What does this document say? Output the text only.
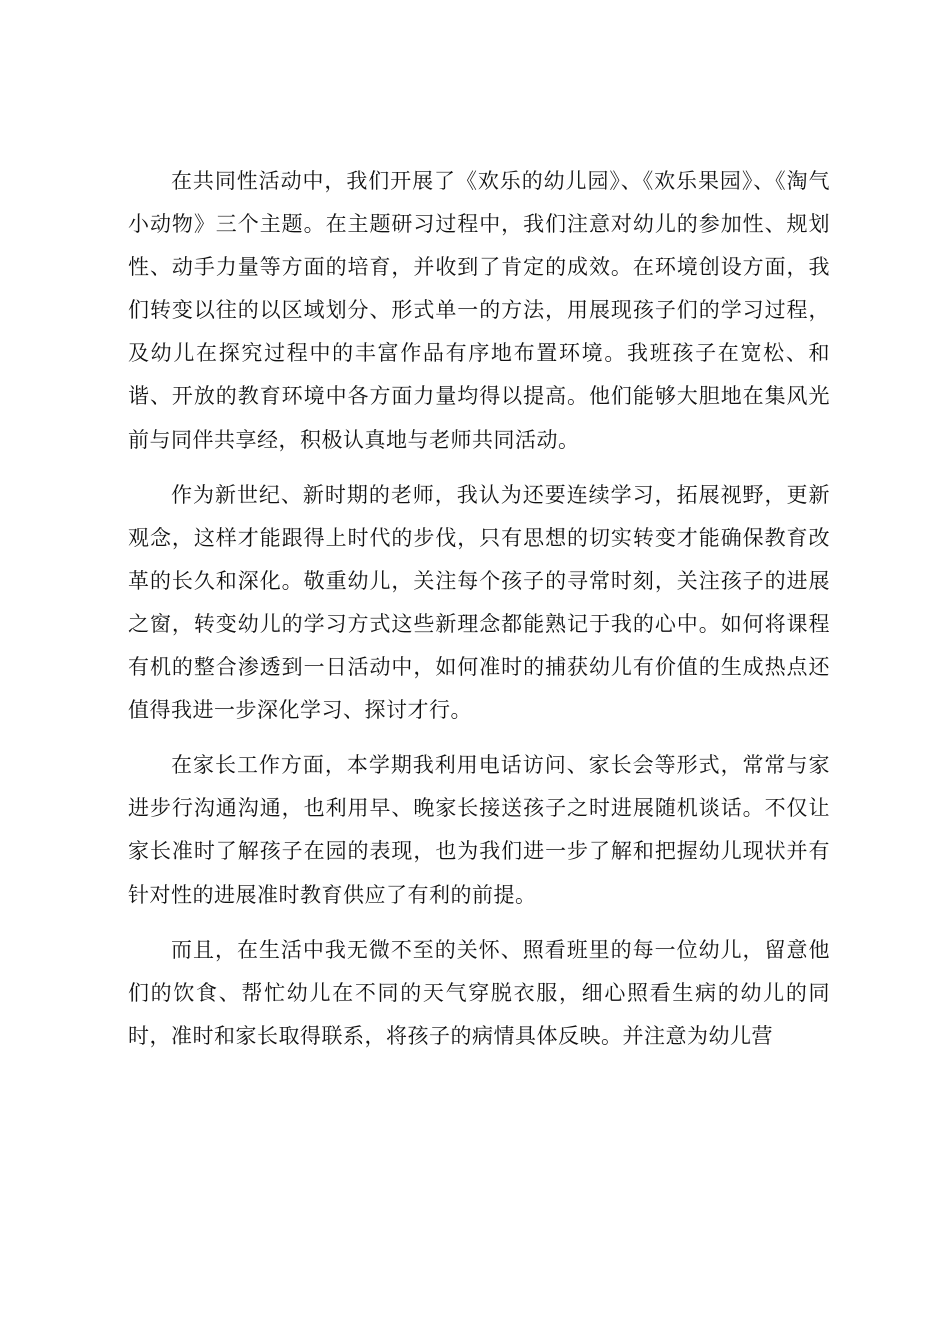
在共同性活动中，我们开展了《欢乐的幼儿园》、《欢乐果园》、《淘气小动物》三个主题。在主题研习过程中，我们注意对幼儿的参加性、规划性、动手力量等方面的培育，并收到了肯定的成效。在环境创设方面，我们转变以往的以区域划分、形式单一的方法，用展现孩子们的学习过程，及幼儿在探究过程中的丰富作品有序地布置环境。我班孩子在宽松、和谐、开放的教育环境中各方面力量均得以提高。他们能够大胆地在集风光前与同伴共享经，积极认真地与老师共同活动。

作为新世纪、新时期的老师，我认为还要连续学习，拓展视野，更新观念，这样才能跟得上时代的步伐，只有思想的切实转变才能确保教育改革的长久和深化。敬重幼儿，关注每个孩子的寻常时刻，关注孩子的进展之窗，转变幼儿的学习方式这些新理念都能熟记于我的心中。如何将课程有机的整合渗透到一日活动中，如何准时的捕获幼儿有价值的生成热点还值得我进一步深化学习、探讨才行。

在家长工作方面，本学期我利用电话访问、家长会等形式，常常与家进步行沟通沟通，也利用早、晚家长接送孩子之时进展随机谈话。不仅让家长准时了解孩子在园的表现，也为我们进一步了解和把握幼儿现状并有针对性的进展准时教育供应了有利的前提。

而且，在生活中我无微不至的关怀、照看班里的每一位幼儿，留意他们的饮食、帮忙幼儿在不同的天气穿脱衣服，细心照看生病的幼儿的同时，准时和家长取得联系，将孩子的病情具体反映。并注意为幼儿营
